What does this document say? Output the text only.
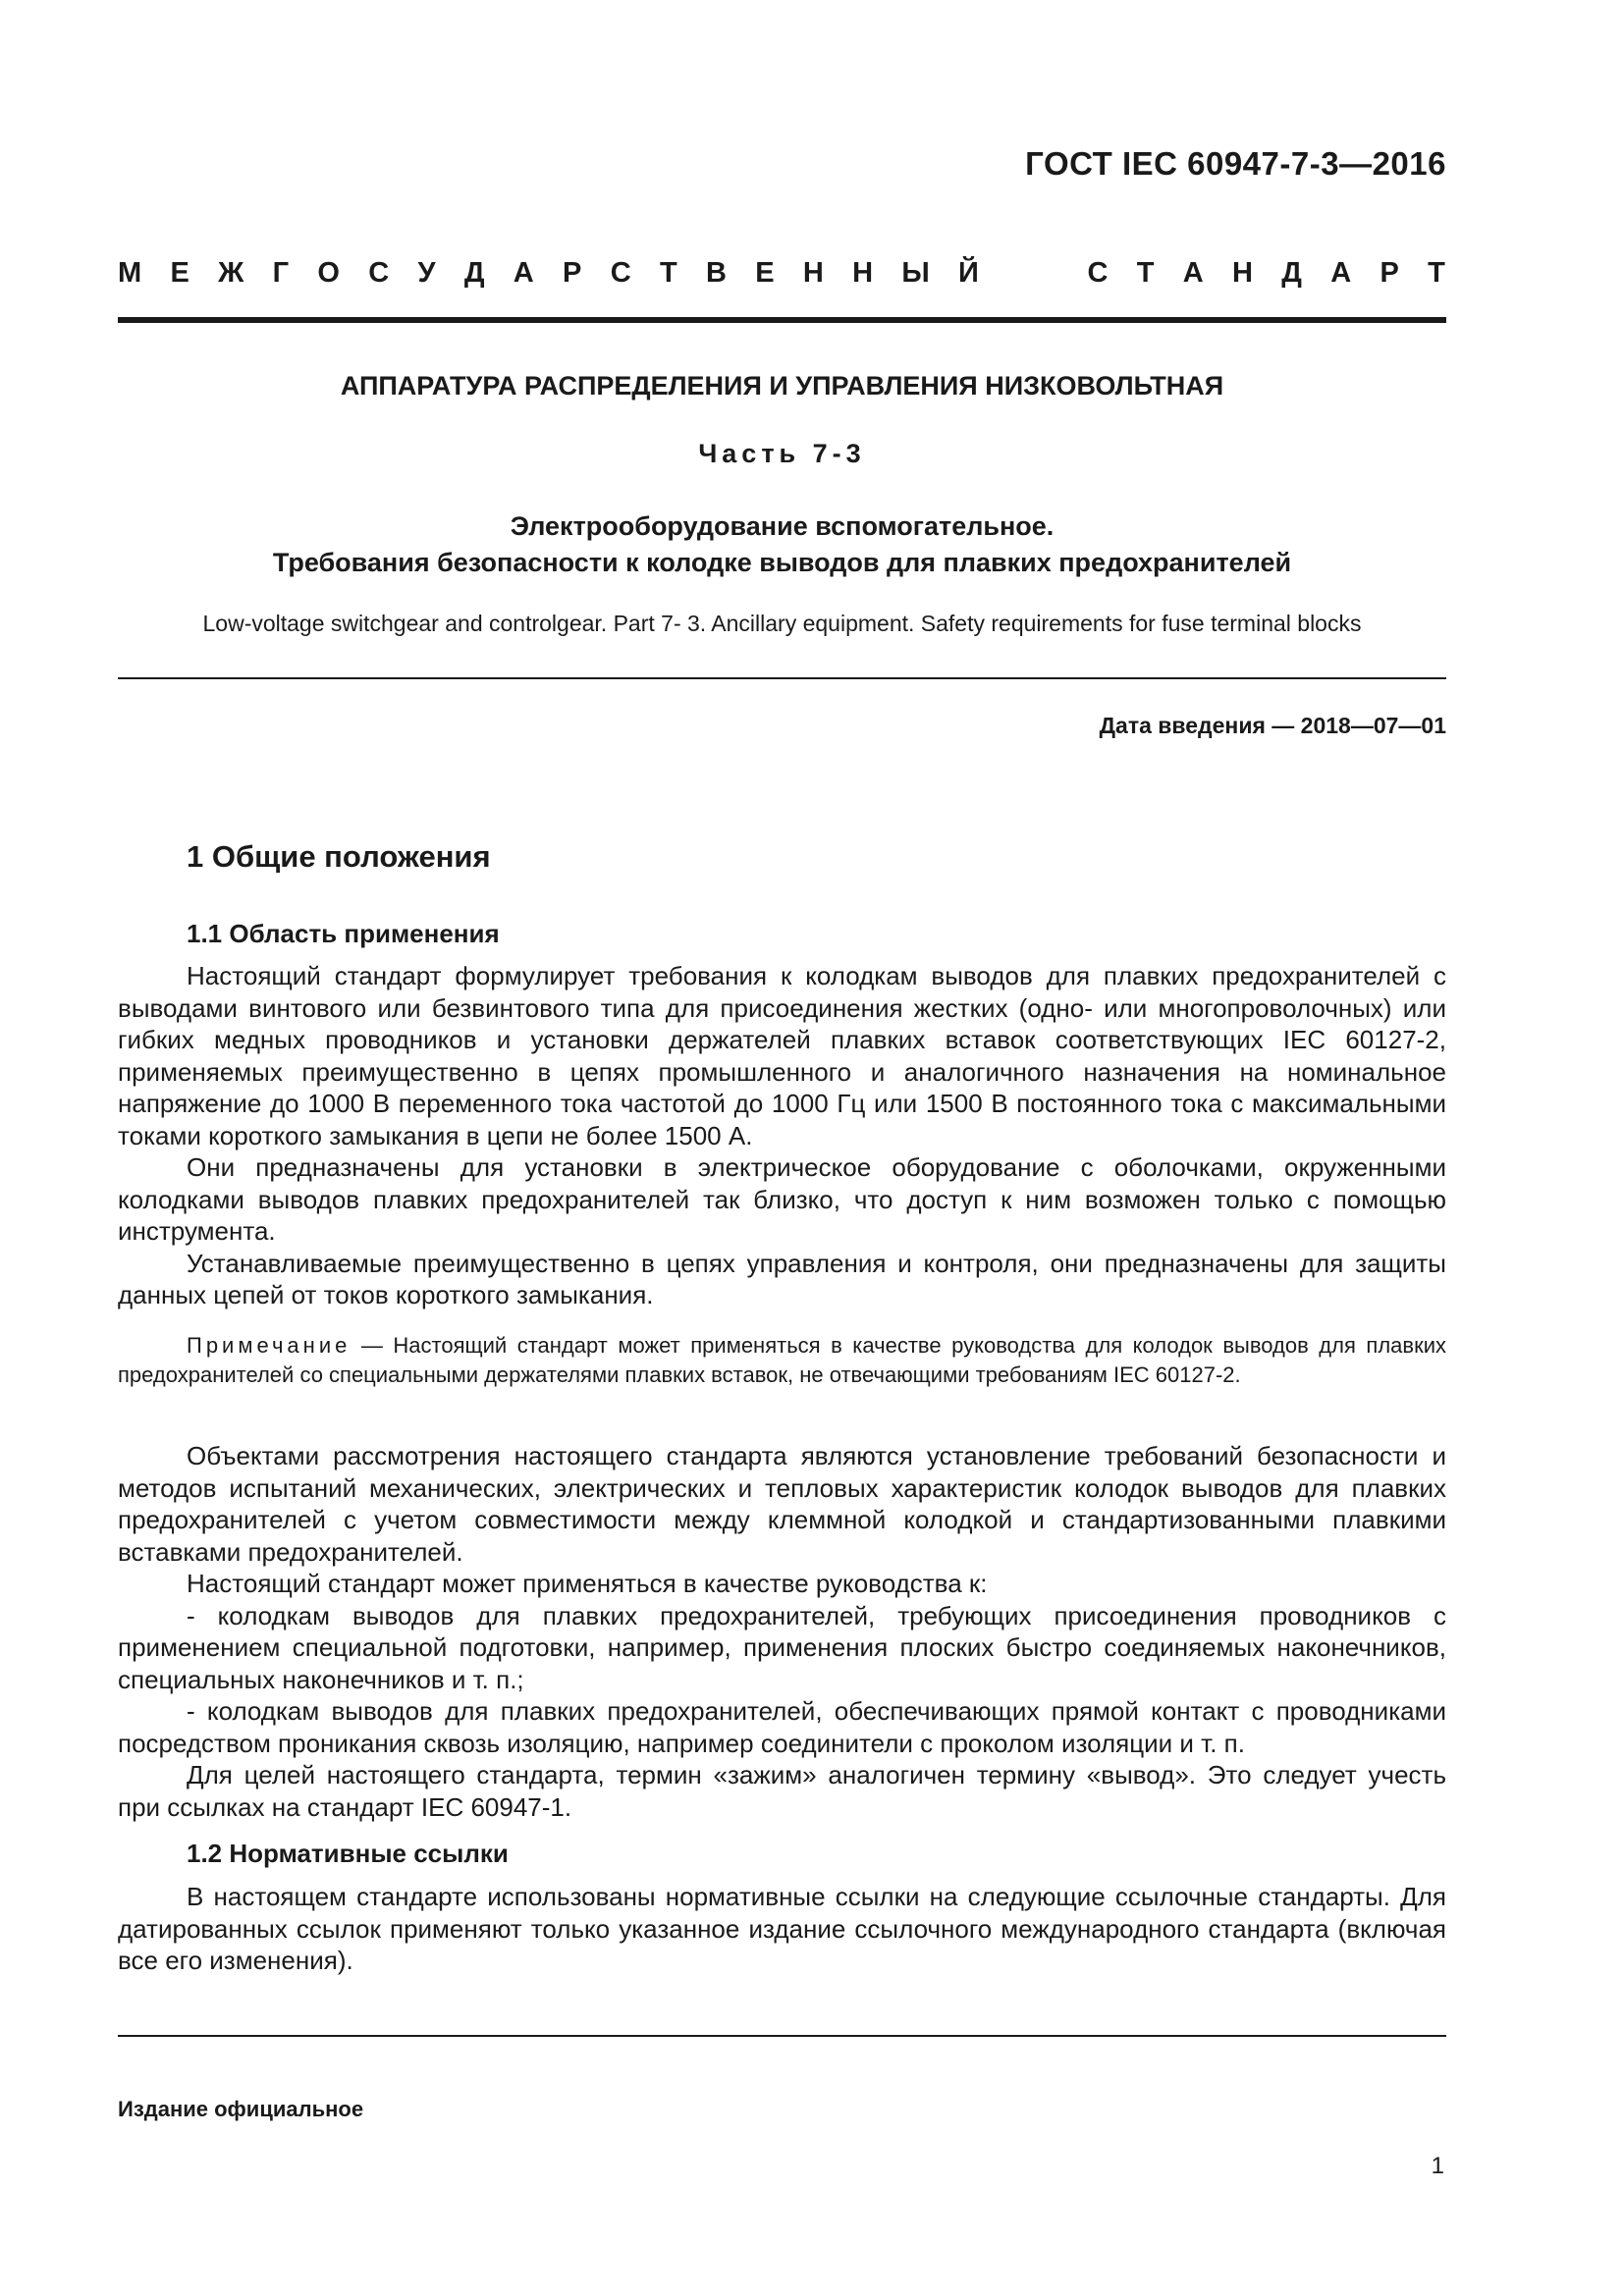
ГОСТ IEC 60947-7-3—2016
М Е Ж Г О С У Д А Р С Т В Е Н Н Ы Й	С Т А Н Д А Р Т
АППАРАТУРА РАСПРЕДЕЛЕНИЯ И УПРАВЛЕНИЯ НИЗКОВОЛЬТНАЯ
Часть 7-3
Электрооборудование вспомогательное.
Требования безопасности к колодке выводов для плавких предохранителей
Low-voltage switchgear and controlgear. Part 7- 3. Ancillary equipment. Safety requirements for fuse terminal blocks
Дата введения — 2018—07—01
1 Общие положения
1.1 Область применения

Настоящий стандарт формулирует требования к колодкам выводов для плавких предохранителей с выводами винтового или безвинтового типа для присоединения жестких (одно- или многопроволочных) или гибких медных проводников и установки держателей плавких вставок соответствующих IEC 60127-2, применяемых преимущественно в цепях промышленного и аналогичного назначения на номинальное напряжение до 1000 В переменного тока частотой до 1000 Гц или 1500 В постоянного тока с максимальными токами короткого замыкания в цепи не более 1500 А.

Они предназначены для установки в электрическое оборудование с оболочками, окруженными колодками выводов плавких предохранителей так близко, что доступ к ним возможен только с помощью инструмента.

Устанавливаемые преимущественно в цепях управления и контроля, они предназначены для защиты данных цепей от токов короткого замыкания.

Примечание — Настоящий стандарт может применяться в качестве руководства для колодок выводов для плавких предохранителей со специальными держателями плавких вставок, не отвечающими требованиям IEC 60127-2.

Объектами рассмотрения настоящего стандарта являются установление требований безопасности и методов испытаний механических, электрических и тепловых характеристик колодок выводов для плавких предохранителей с учетом совместимости между клеммной колодкой и стандартизованными плавкими вставками предохранителей.

Настоящий стандарт может применяться в качестве руководства к:

- колодкам выводов для плавких предохранителей, требующих присоединения проводников с применением специальной подготовки, например, применения плоских быстро соединяемых наконечников, специальных наконечников и т. п.;

- колодкам выводов для плавких предохранителей, обеспечивающих прямой контакт с проводниками посредством проникания сквозь изоляцию, например соединители с проколом изоляции и т. п.

Для целей настоящего стандарта, термин «зажим» аналогичен термину «вывод». Это следует учесть при ссылках на стандарт IEC 60947-1.

1.2 Нормативные ссылки

В настоящем стандарте использованы нормативные ссылки на следующие ссылочные стандарты. Для датированных ссылок применяют только указанное издание ссылочного международного стандарта (включая все его изменения).

Издание официальное
1
